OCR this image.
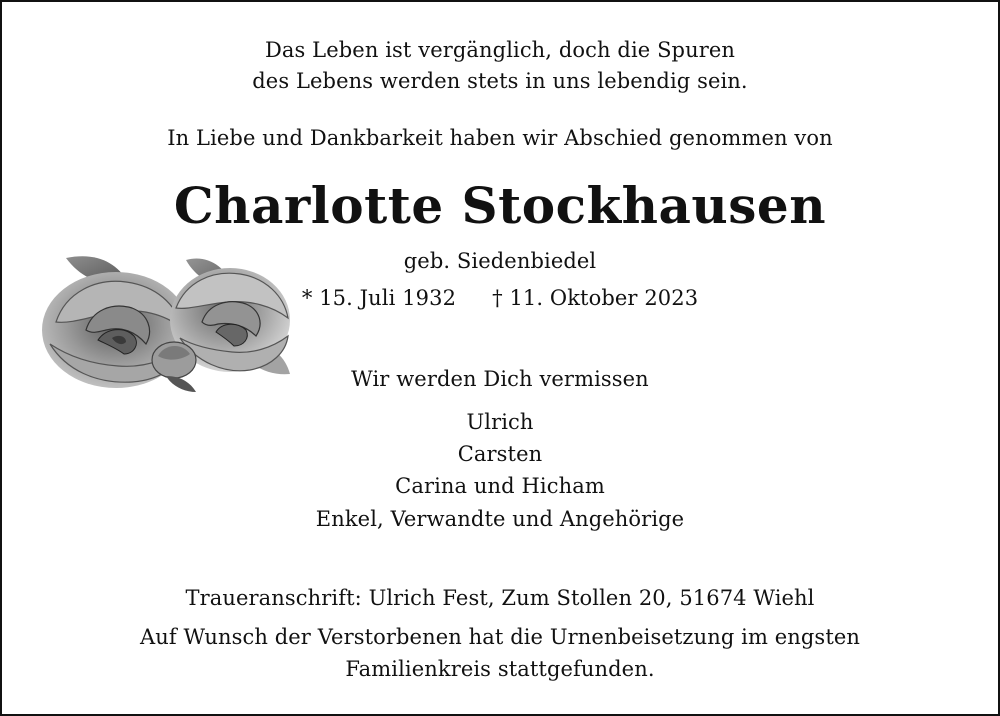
Das Leben ist vergänglich, doch die Spuren
des Lebens werden stets in uns lebendig sein.
In Liebe und Dankbarkeit haben wir Abschied genommen von
Charlotte Stockhausen
geb. Siedenbiedel
* 15. Juli 1932 † 11. Oktober 2023
Wir werden Dich vermissen
Ulrich
Carsten
Carina und Hicham
Enkel, Verwandte und Angehörige
Traueranschrift: Ulrich Fest, Zum Stollen 20, 51674 Wiehl
Auf Wunsch der Verstorbenen hat die Urnenbeisetzung im engsten
Familienkreis stattgefunden.
